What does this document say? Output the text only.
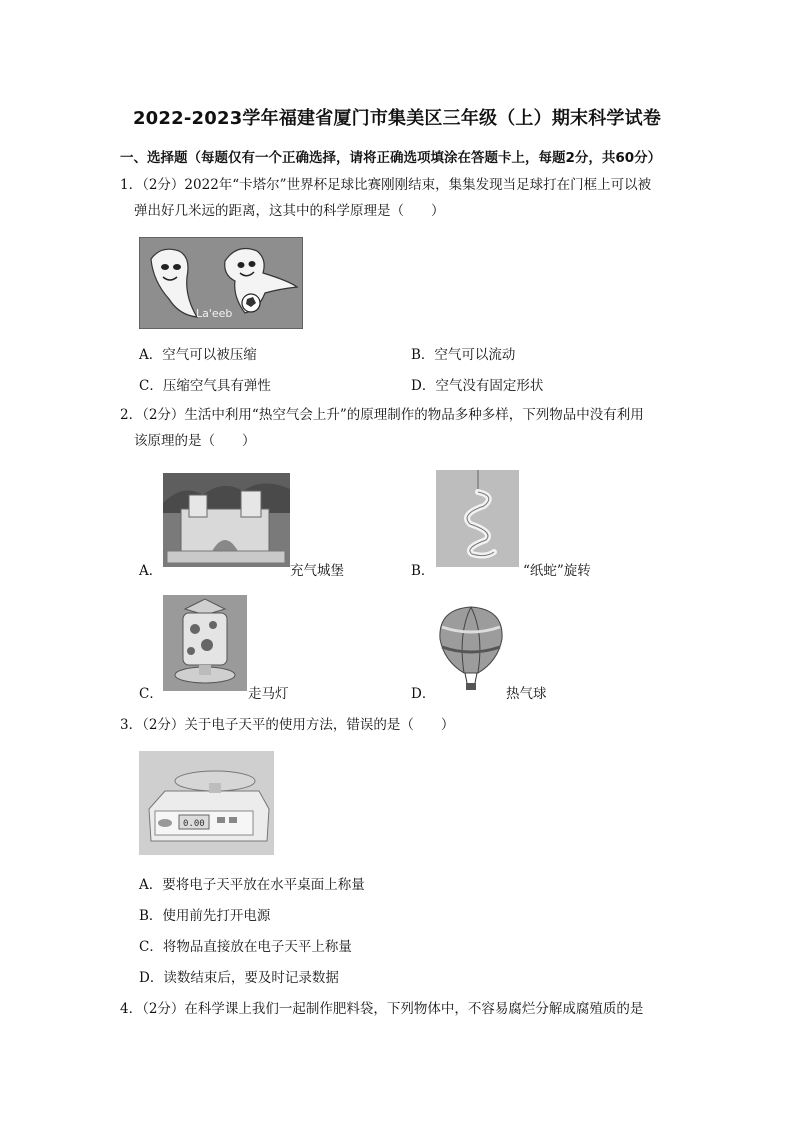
2022-2023学年福建省厦门市集美区三年级（上）期末科学试卷
一、选择题（每题仅有一个正确选择，请将正确选项填涂在答题卡上，每题2分，共60分）
1．（2分）2022年“卡塔尔”世界杯足球比赛刚刚结束，集集发现当足球打在门框上可以被
弹出好几米远的距离，这其中的科学原理是（　　）
La'eeb
A．空气可以被压缩	B．空气可以流动
C．压缩空气具有弹性	D．空气没有固定形状
2．（2分）生活中利用“热空气会上升”的原理制作的物品多种多样，下列物品中没有利用
该原理的是（　　）
A．	充气城堡	B．	“纸蛇”旋转
C．	走马灯	D．	热气球
3．（2分）关于电子天平的使用方法，错误的是（　　）
0.00
A．要将电子天平放在水平桌面上称量
B．使用前先打开电源
C．将物品直接放在电子天平上称量
D．读数结束后，要及时记录数据
4．（2分）在科学课上我们一起制作肥料袋，下列物体中，不容易腐烂分解成腐殖质的是
